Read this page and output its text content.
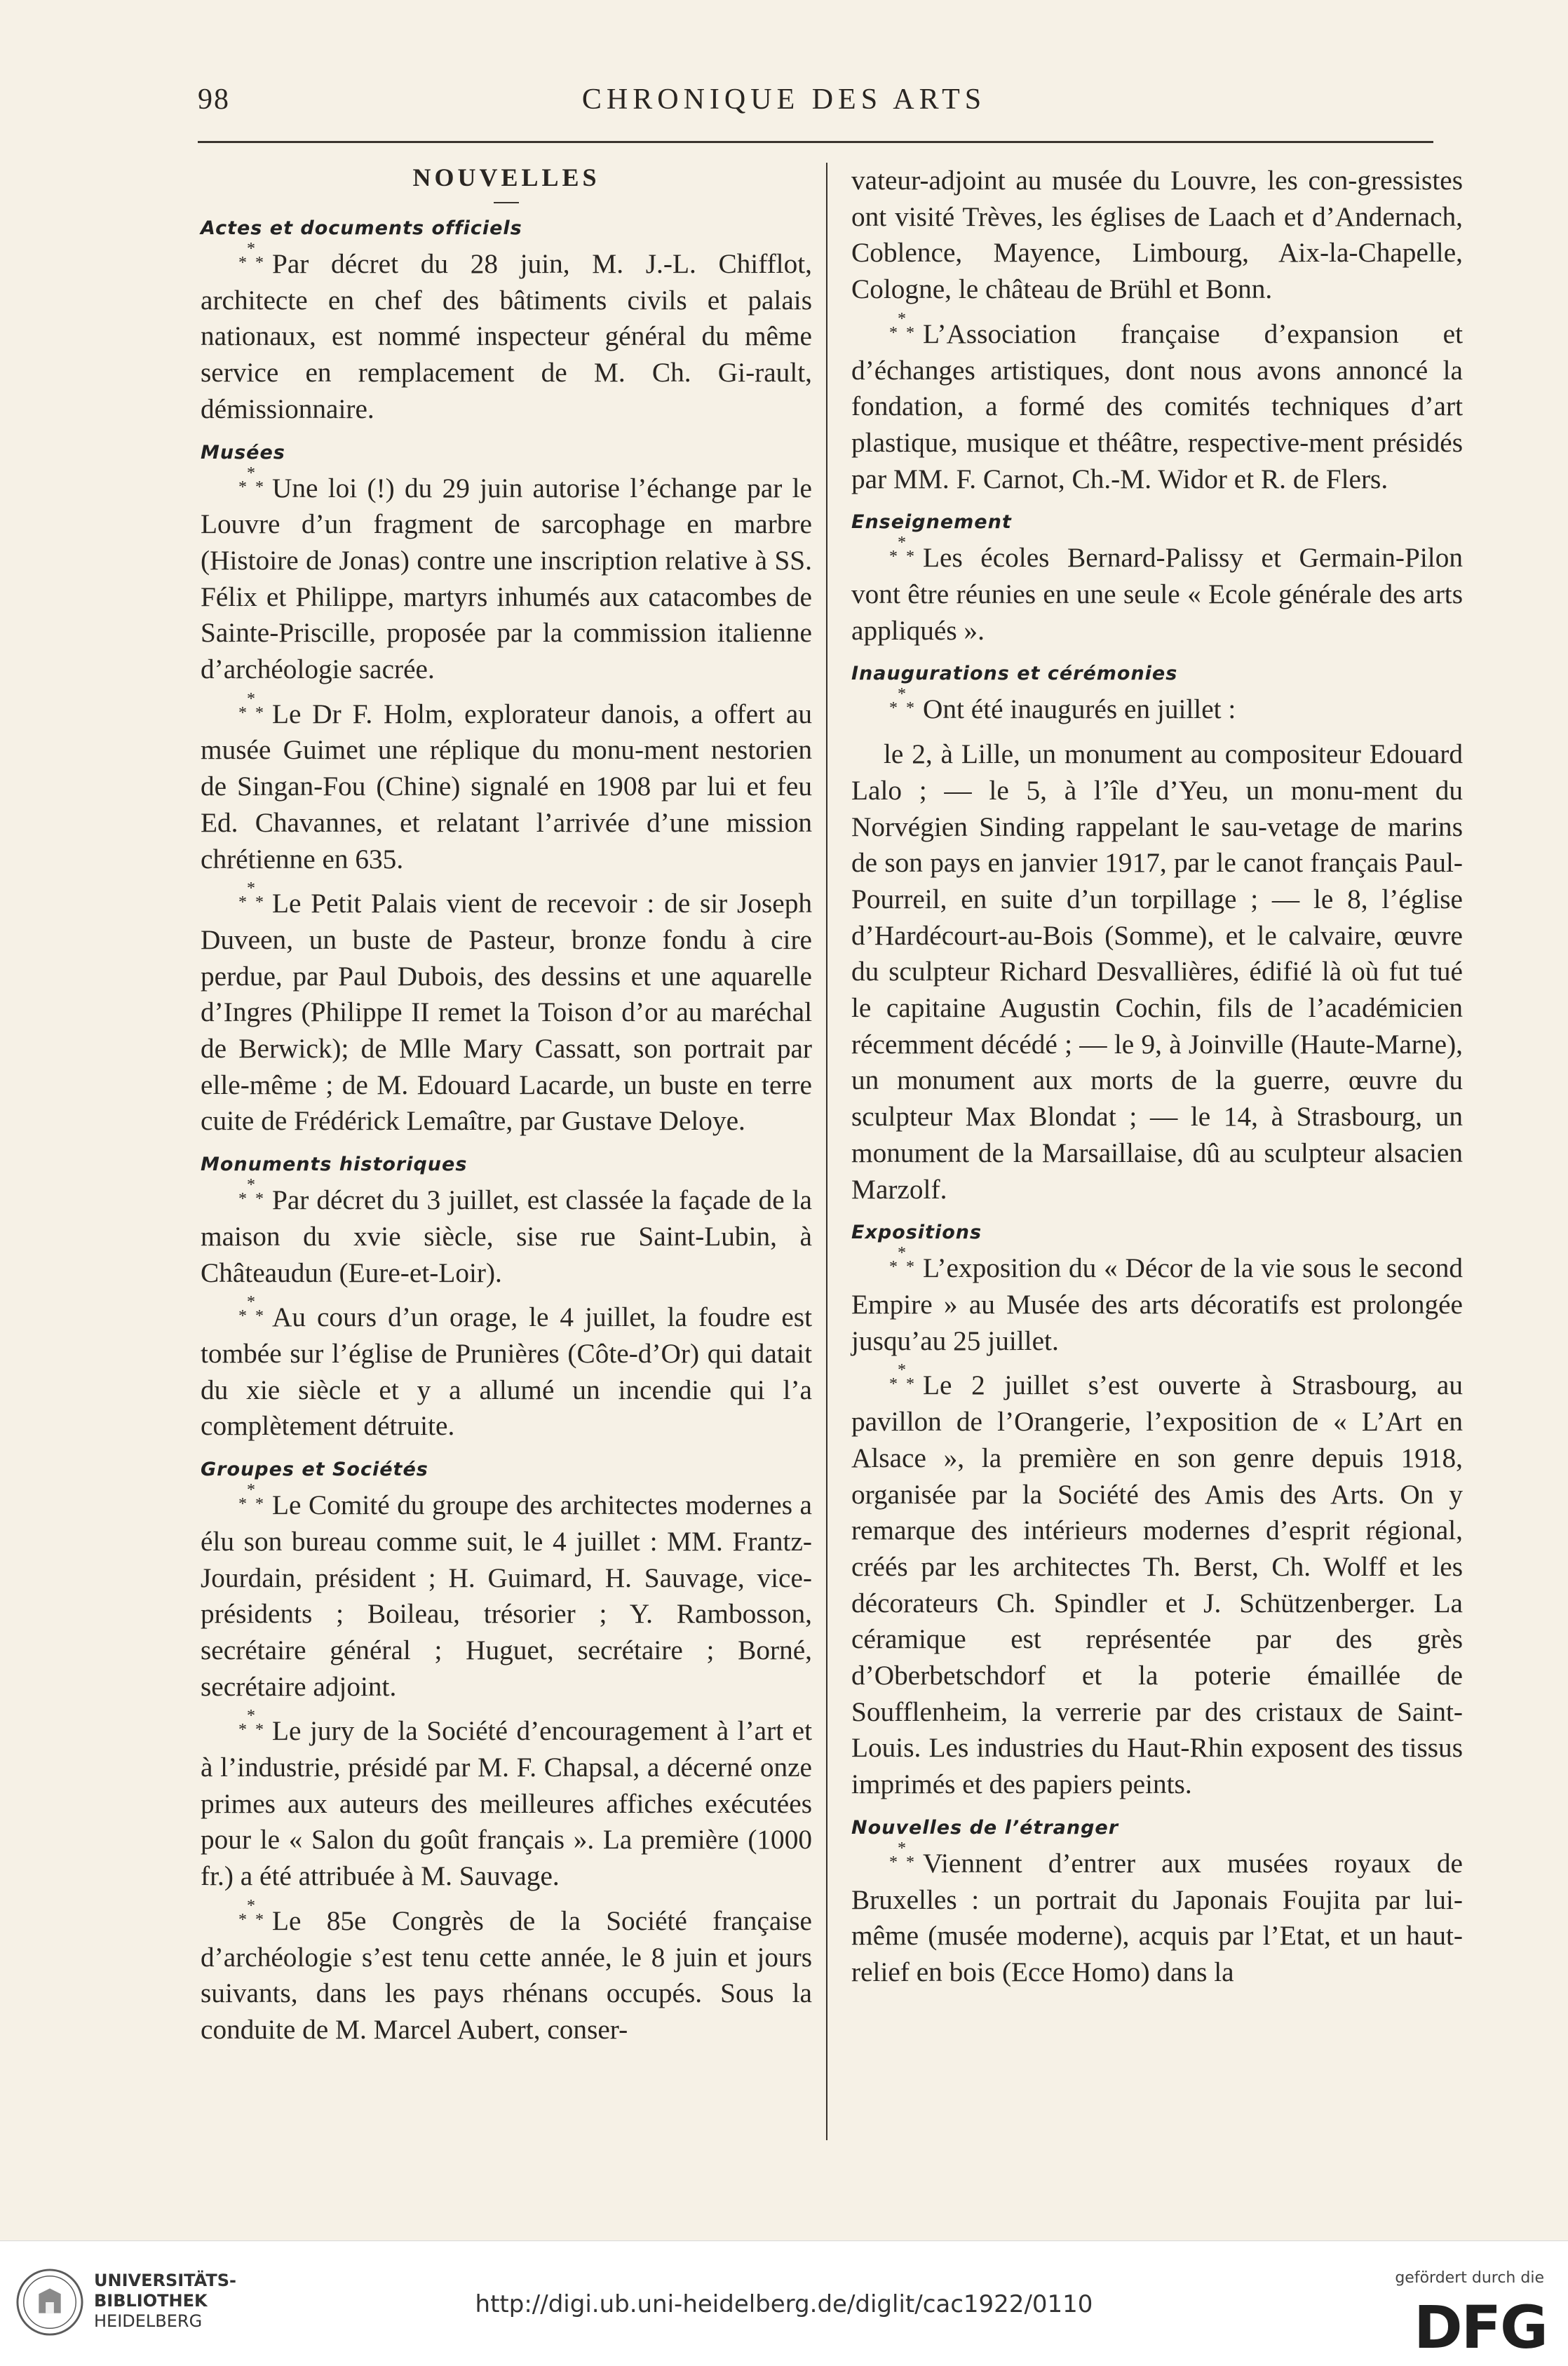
98	CHRONIQUE DES ARTS
NOUVELLES
Actes et documents officiels

*
* * Par décret du 28 juin, M. J.-L. Chifflot, architecte en chef des bâtiments civils et palais nationaux, est nommé inspecteur général du même service en remplacement de M. Ch. Gi-rault, démissionnaire.

Musées

*
* * Une loi (!) du 29 juin autorise l’échange par le Louvre d’un fragment de sarcophage en marbre (Histoire de Jonas) contre une inscription relative à SS. Félix et Philippe, martyrs inhumés aux catacombes de Sainte-Priscille, proposée par la commission italienne d’archéologie sacrée.

*
* * Le Dr F. Holm, explorateur danois, a offert au musée Guimet une réplique du monu-ment nestorien de Singan-Fou (Chine) signalé en 1908 par lui et feu Ed. Chavannes, et relatant l’arrivée d’une mission chrétienne en 635.

*
* * Le Petit Palais vient de recevoir : de sir Joseph Duveen, un buste de Pasteur, bronze fondu à cire perdue, par Paul Dubois, des dessins et une aquarelle d’Ingres (Philippe II remet la Toison d’or au maréchal de Berwick); de Mlle Mary Cassatt, son portrait par elle-même ; de M. Edouard Lacarde, un buste en terre cuite de Frédérick Lemaître, par Gustave Deloye.

Monuments historiques

*
* * Par décret du 3 juillet, est classée la façade de la maison du xvie siècle, sise rue Saint-Lubin, à Châteaudun (Eure-et-Loir).

*
* * Au cours d’un orage, le 4 juillet, la foudre est tombée sur l’église de Prunières (Côte-d’Or) qui datait du xie siècle et y a allumé un incendie qui l’a complètement détruite.

Groupes et Sociétés

*
* * Le Comité du groupe des architectes modernes a élu son bureau comme suit, le 4 juillet : MM. Frantz-Jourdain, président ; H. Guimard, H. Sauvage, vice-présidents ; Boileau, trésorier ; Y. Rambosson, secrétaire général ; Huguet, secrétaire ; Borné, secrétaire adjoint.

*
* * Le jury de la Société d’encouragement à l’art et à l’industrie, présidé par M. F. Chapsal, a décerné onze primes aux auteurs des meilleures affiches exécutées pour le « Salon du goût français ». La première (1000 fr.) a été attribuée à M. Sauvage.

*
* * Le 85e Congrès de la Société française d’archéologie s’est tenu cette année, le 8 juin et jours suivants, dans les pays rhénans occupés. Sous la conduite de M. Marcel Aubert, conser-

vateur-adjoint au musée du Louvre, les con-gressistes ont visité Trèves, les églises de Laach et d’Andernach, Coblence, Mayence, Limbourg, Aix-la-Chapelle, Cologne, le château de Brühl et Bonn.

*
* * L’Association française d’expansion et d’échanges artistiques, dont nous avons annoncé la fondation, a formé des comités techniques d’art plastique, musique et théâtre, respective-ment présidés par MM. F. Carnot, Ch.-M. Widor et R. de Flers.

Enseignement

*
* * Les écoles Bernard-Palissy et Germain-Pilon vont être réunies en une seule « Ecole générale des arts appliqués ».

Inaugurations et cérémonies

*
* * Ont été inaugurés en juillet :

le 2, à Lille, un monument au compositeur Edouard Lalo ; — le 5, à l’île d’Yeu, un monu-ment du Norvégien Sinding rappelant le sau-vetage de marins de son pays en janvier 1917, par le canot français Paul-Pourreil, en suite d’un torpillage ; — le 8, l’église d’Hardécourt-au-Bois (Somme), et le calvaire, œuvre du sculpteur Richard Desvallières, édifié là où fut tué le capitaine Augustin Cochin, fils de l’académicien récemment décédé ; — le 9, à Joinville (Haute-Marne), un monument aux morts de la guerre, œuvre du sculpteur Max Blondat ; — le 14, à Strasbourg, un monument de la Marsaillaise, dû au sculpteur alsacien Marzolf.

Expositions

*
* * L’exposition du « Décor de la vie sous le second Empire » au Musée des arts décoratifs est prolongée jusqu’au 25 juillet.

*
* * Le 2 juillet s’est ouverte à Strasbourg, au pavillon de l’Orangerie, l’exposition de « L’Art en Alsace », la première en son genre depuis 1918, organisée par la Société des Amis des Arts. On y remarque des intérieurs modernes d’esprit régional, créés par les architectes Th. Berst, Ch. Wolff et les décorateurs Ch. Spindler et J. Schützenberger. La céramique est représentée par des grès d’Oberbetschdorf et la poterie émaillée de Soufflenheim, la verrerie par des cristaux de Saint-Louis. Les industries du Haut-Rhin exposent des tissus imprimés et des papiers peints.

Nouvelles de l’étranger

*
* * Viennent d’entrer aux musées royaux de Bruxelles : un portrait du Japonais Foujita par lui-même (musée moderne), acquis par l’Etat, et un haut-relief en bois (Ecce Homo) dans la

UNIVERSITÄTS-
BIBLIOTHEK
HEIDELBERG
http://digi.ub.uni-heidelberg.de/diglit/cac1922/0110
gefördert durch die
DFG
